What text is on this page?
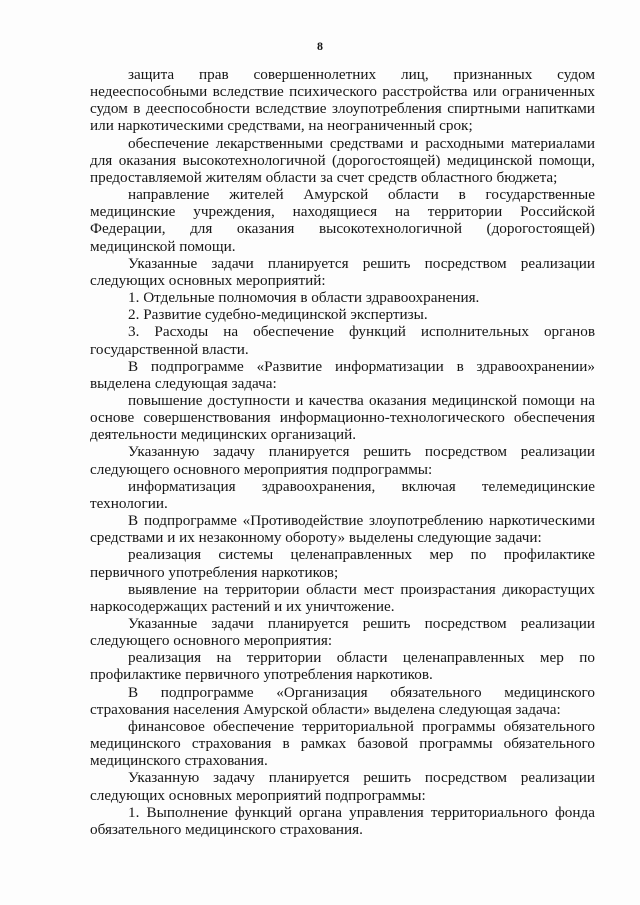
8

защита прав совершеннолетних лиц, признанных судом недееспособными вследствие психического расстройства или ограниченных судом в дееспособности вследствие злоупотребления спиртными напитками или наркотическими средствами, на неограниченный срок;

обеспечение лекарственными средствами и расходными материалами для оказания высокотехнологичной (дорогостоящей) медицинской помощи, предоставляемой жителям области за счет средств областного бюджета;

направление жителей Амурской области в государственные медицинские учреждения, находящиеся на территории Российской Федерации, для оказания высокотехнологичной (дорогостоящей) медицинской помощи.

Указанные задачи планируется решить посредством реализации следующих основных мероприятий:

1. Отдельные полномочия в области здравоохранения.

2. Развитие судебно-медицинской экспертизы.

3. Расходы на обеспечение функций исполнительных органов государственной власти.

В подпрограмме «Развитие информатизации в здравоохранении» выделена следующая задача:

повышение доступности и качества оказания медицинской помощи на основе совершенствования информационно-технологического обеспечения деятельности медицинских организаций.

Указанную задачу планируется решить посредством реализации следующего основного мероприятия подпрограммы:

информатизация здравоохранения, включая телемедицинские технологии.

В подпрограмме «Противодействие злоупотреблению наркотическими средствами и их незаконному обороту» выделены следующие задачи:

реализация системы целенаправленных мер по профилактике первичного употребления наркотиков;

выявление на территории области мест произрастания дикорастущих наркосодержащих растений и их уничтожение.

Указанные задачи планируется решить посредством реализации следующего основного мероприятия:

реализация на территории области целенаправленных мер по профилактике первичного употребления наркотиков.

В подпрограмме «Организация обязательного медицинского страхования населения Амурской области» выделена следующая задача:

финансовое обеспечение территориальной программы обязательного медицинского страхования в рамках базовой программы обязательного медицинского страхования.

Указанную задачу планируется решить посредством реализации следующих основных мероприятий подпрограммы:

1. Выполнение функций органа управления территориального фонда обязательного медицинского страхования.
